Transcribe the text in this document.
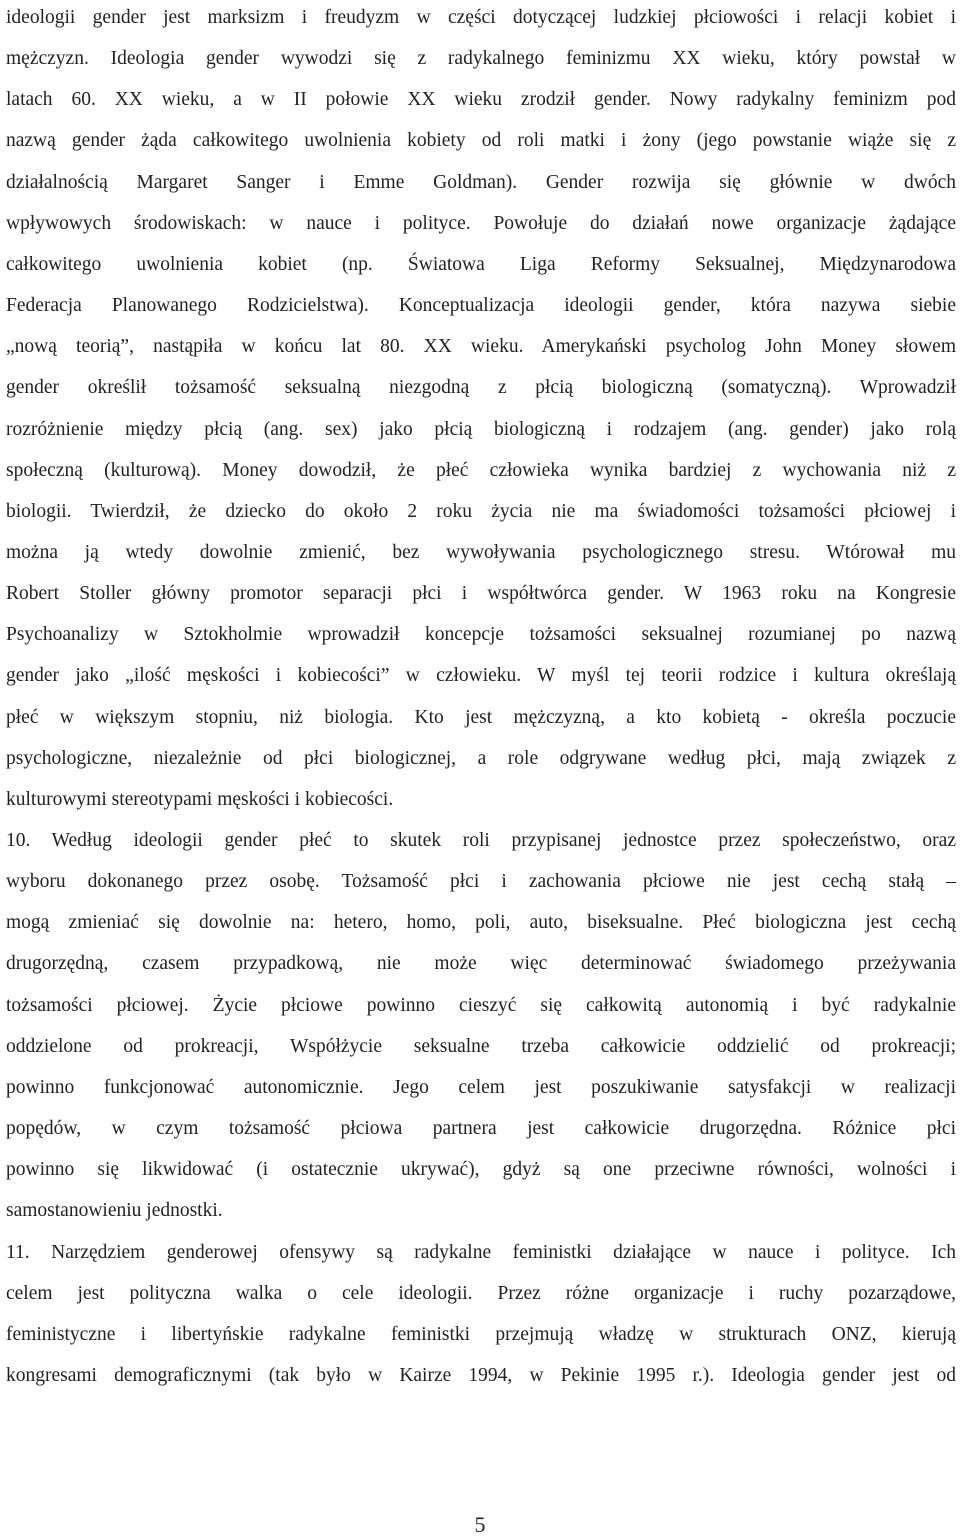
ideologii gender jest marksizm i freudyzm w części dotyczącej ludzkiej płciowości i relacji kobiet i
mężczyzn. Ideologia gender wywodzi się z radykalnego feminizmu XX wieku, który powstał w
latach 60. XX wieku, a w II połowie XX wieku zrodził gender. Nowy radykalny feminizm pod
nazwą gender żąda całkowitego uwolnienia kobiety od roli matki i żony (jego powstanie wiąże się z
działalnością Margaret Sanger i Emme Goldman). Gender rozwija się głównie w dwóch
wpływowych środowiskach: w nauce i polityce. Powołuje do działań nowe organizacje żądające
całkowitego uwolnienia kobiet (np. Światowa Liga Reformy Seksualnej, Międzynarodowa
Federacja Planowanego Rodzicielstwa). Konceptualizacja ideologii gender, która nazywa siebie
„nową teorią”, nastąpiła w końcu lat 80. XX wieku. Amerykański psycholog John Money słowem
gender określił tożsamość seksualną niezgodną z płcią biologiczną (somatyczną). Wprowadził
rozróżnienie między płcią (ang. sex) jako płcią biologiczną i rodzajem (ang. gender) jako rolą
społeczną (kulturową). Money dowodził, że płeć człowieka wynika bardziej z wychowania niż z
biologii. Twierdził, że dziecko do około 2 roku życia nie ma świadomości tożsamości płciowej i
można ją wtedy dowolnie zmienić, bez wywoływania psychologicznego stresu. Wtórował mu
Robert Stoller główny promotor separacji płci i współtwórca gender. W 1963 roku na Kongresie
Psychoanalizy w Sztokholmie wprowadził koncepcje tożsamości seksualnej rozumianej po nazwą
gender jako „ilość męskości i kobiecości” w człowieku. W myśl tej teorii rodzice i kultura określają
płeć w większym stopniu, niż biologia. Kto jest mężczyzną, a kto kobietą - określa poczucie
psychologiczne, niezależnie od płci biologicznej, a role odgrywane według płci, mają związek z
kulturowymi stereotypami męskości i kobiecości.
10. Według ideologii gender płeć to skutek roli przypisanej jednostce przez społeczeństwo, oraz
wyboru dokonanego przez osobę. Tożsamość płci i zachowania płciowe nie jest cechą stałą –
mogą zmieniać się dowolnie na: hetero, homo, poli, auto, biseksualne. Płeć biologiczna jest cechą
drugorzędną, czasem przypadkową, nie może więc determinować świadomego przeżywania
tożsamości płciowej. Życie płciowe powinno cieszyć się całkowitą autonomią i być radykalnie
oddzielone od prokreacji, Współżycie seksualne trzeba całkowicie oddzielić od prokreacji;
powinno funkcjonować autonomicznie. Jego celem jest poszukiwanie satysfakcji w realizacji
popędów, w czym tożsamość płciowa partnera jest całkowicie drugorzędna. Różnice płci
powinno się likwidować (i ostatecznie ukrywać), gdyż są one przeciwne równości, wolności i
samostanowieniu jednostki.
11. Narzędziem genderowej ofensywy są radykalne feministki działające w nauce i polityce. Ich
celem jest polityczna walka o cele ideologii. Przez różne organizacje i ruchy pozarządowe,
feministyczne i libertyńskie radykalne feministki przejmują władzę w strukturach ONZ, kierują
kongresami demograficznymi (tak było w Kairze 1994, w Pekinie 1995 r.). Ideologia gender jest od
5
